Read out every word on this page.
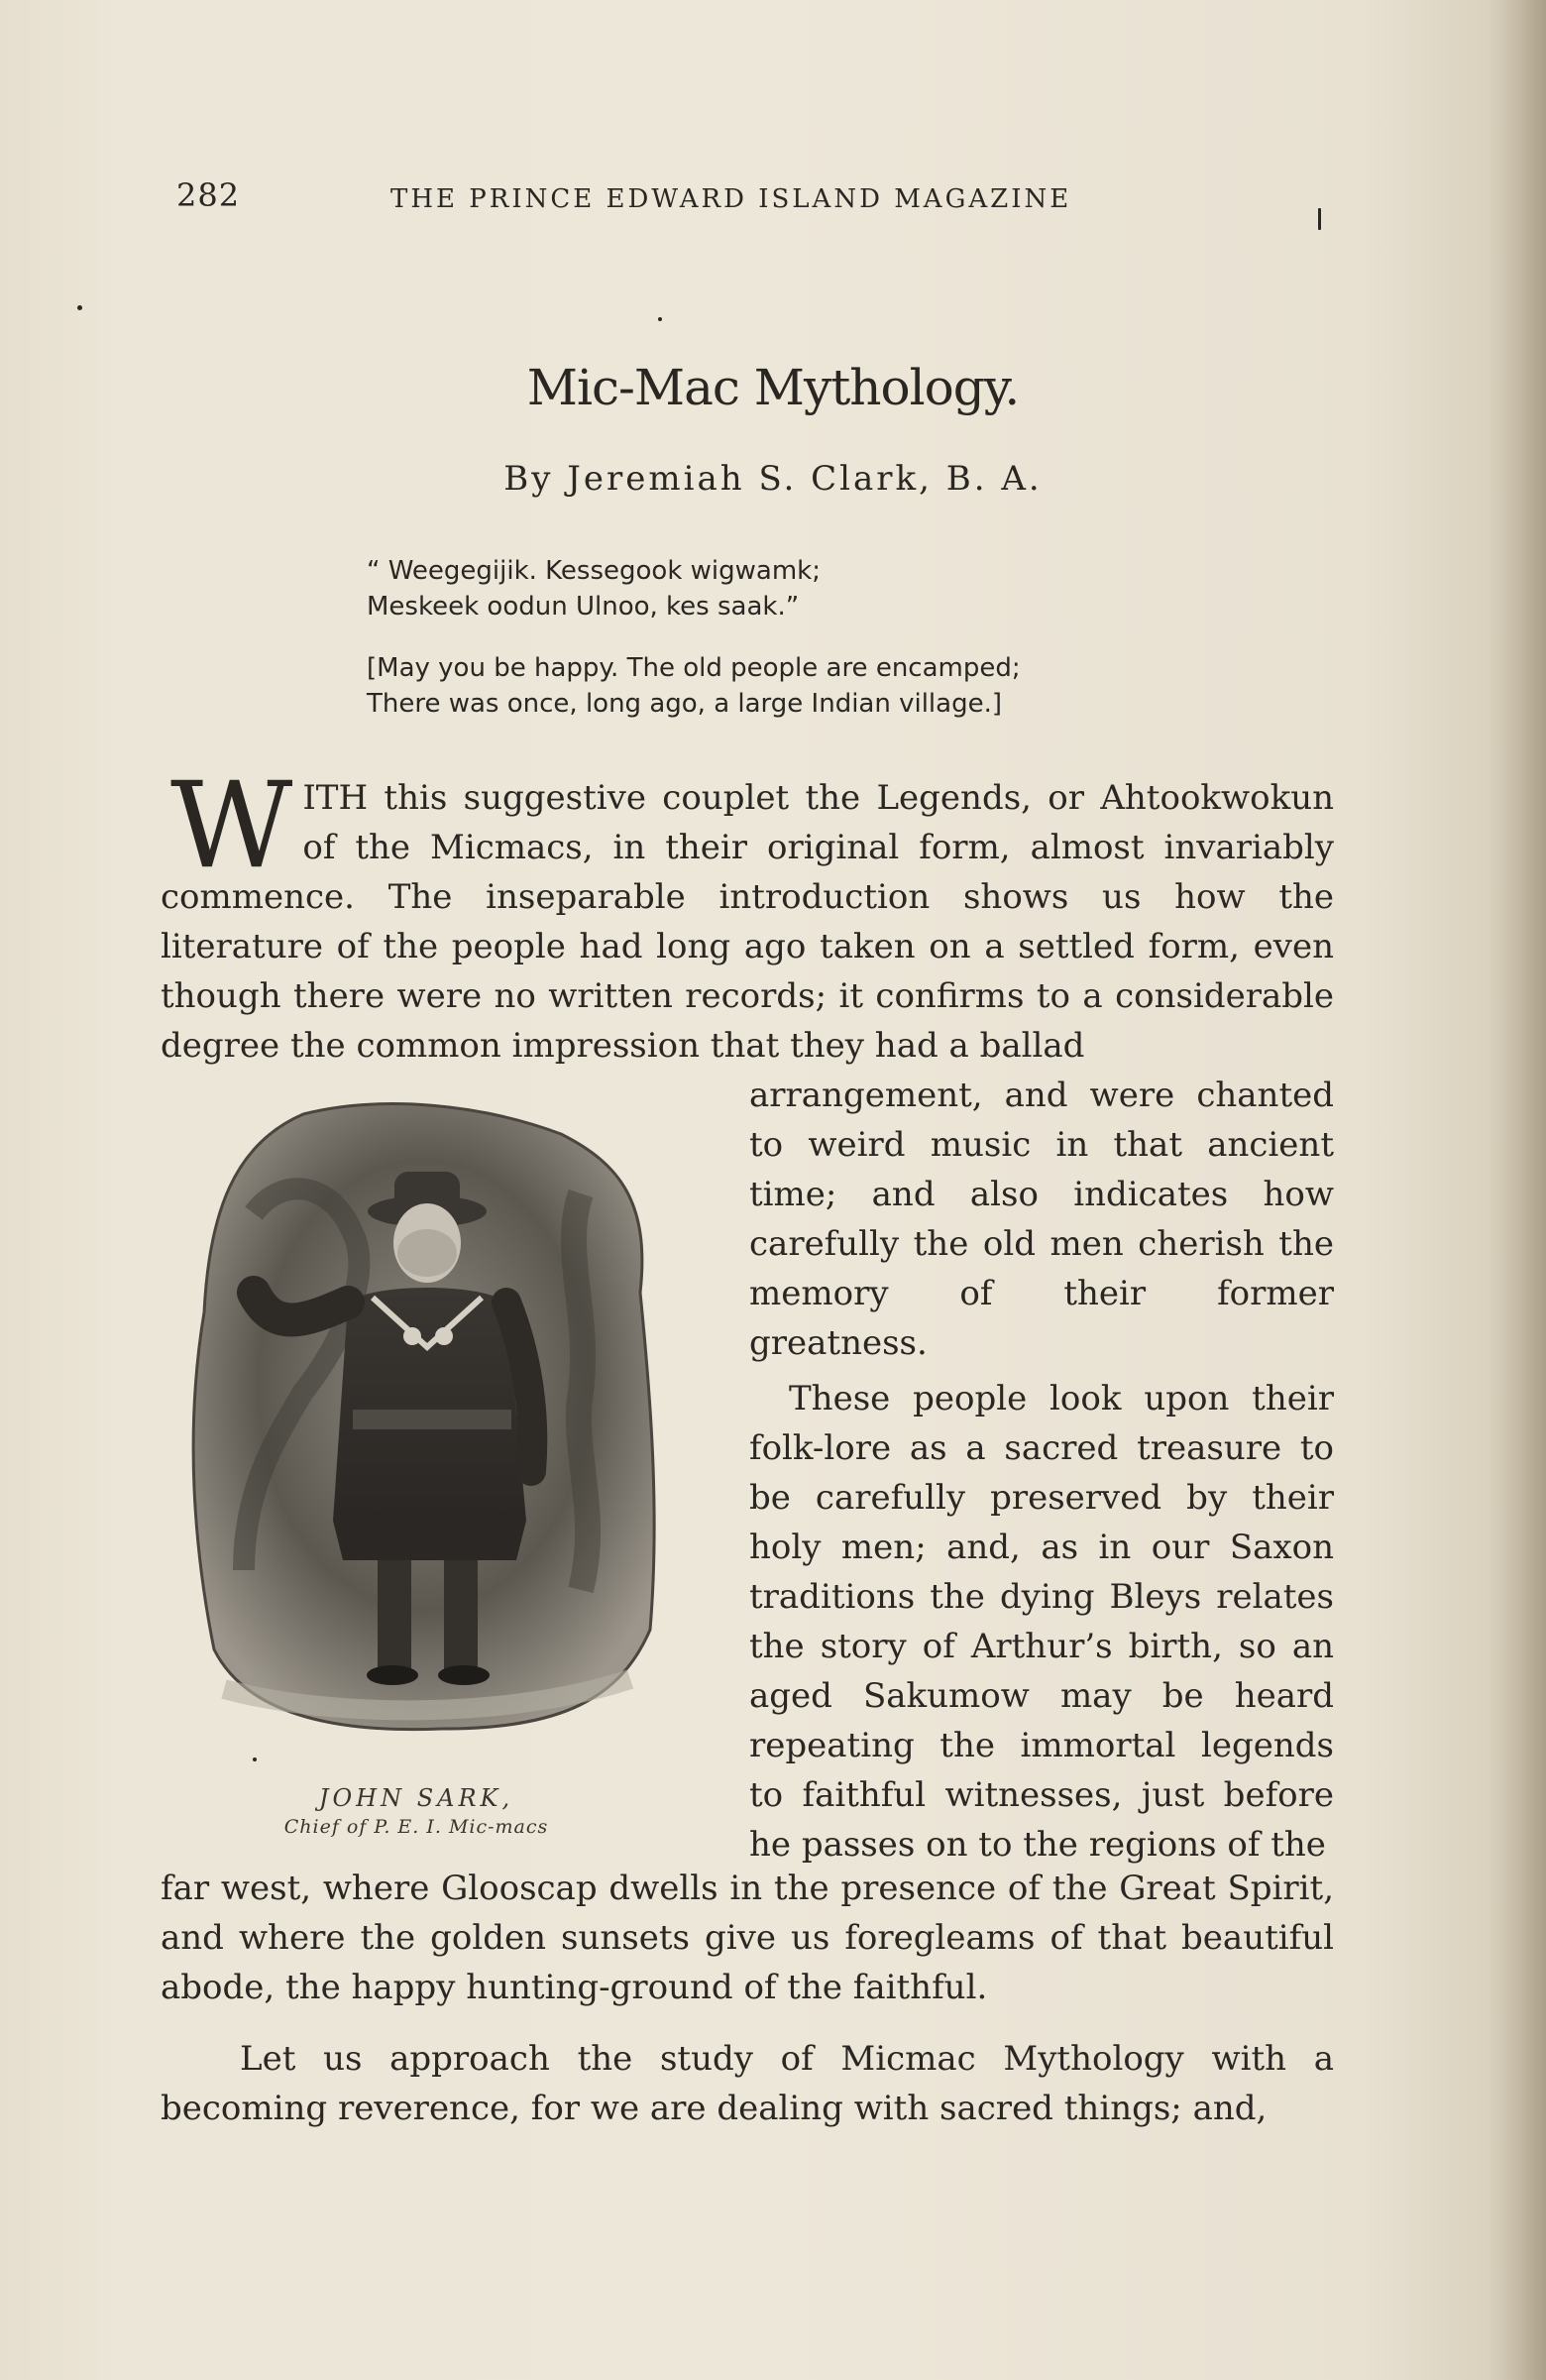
282	THE PRINCE EDWARD ISLAND MAGAZINE
Mic-Mac Mythology.
By Jeremiah S. Clark, B. A.
“ Weegegijik. Kessegook wigwamk;
Meskeek oodun Ulnoo, kes saak.”
[May you be happy. The old people are encamped;
There was once, long ago, a large Indian village.]
W ITH this suggestive couplet the Legends, or Ahtookwokun of the Micmacs, in their original form, almost invariably commence. The inseparable introduction shows us how the literature of the people had long ago taken on a settled form, even though there were no written records; it confirms to a considerable degree the common impression that they had a ballad
JOHN SARK,
Chief of P. E. I. Mic-macs

arrangement, and were chanted to weird music in that ancient time; and also indicates how carefully the old men cherish the memory of their former greatness.

These people look upon their folk-lore as a sacred treasure to be carefully preserved by their holy men; and, as in our Saxon traditions the dying Bleys relates the story of Arthur’s birth, so an aged Sakumow may be heard repeating the immortal legends to faithful witnesses, just before he passes on to the regions of the

far west, where Glooscap dwells in the presence of the Great Spirit, and where the golden sunsets give us foregleams of that beautiful abode, the happy hunting-ground of the faithful.

Let us approach the study of Micmac Mythology with a becoming reverence, for we are dealing with sacred things; and,
